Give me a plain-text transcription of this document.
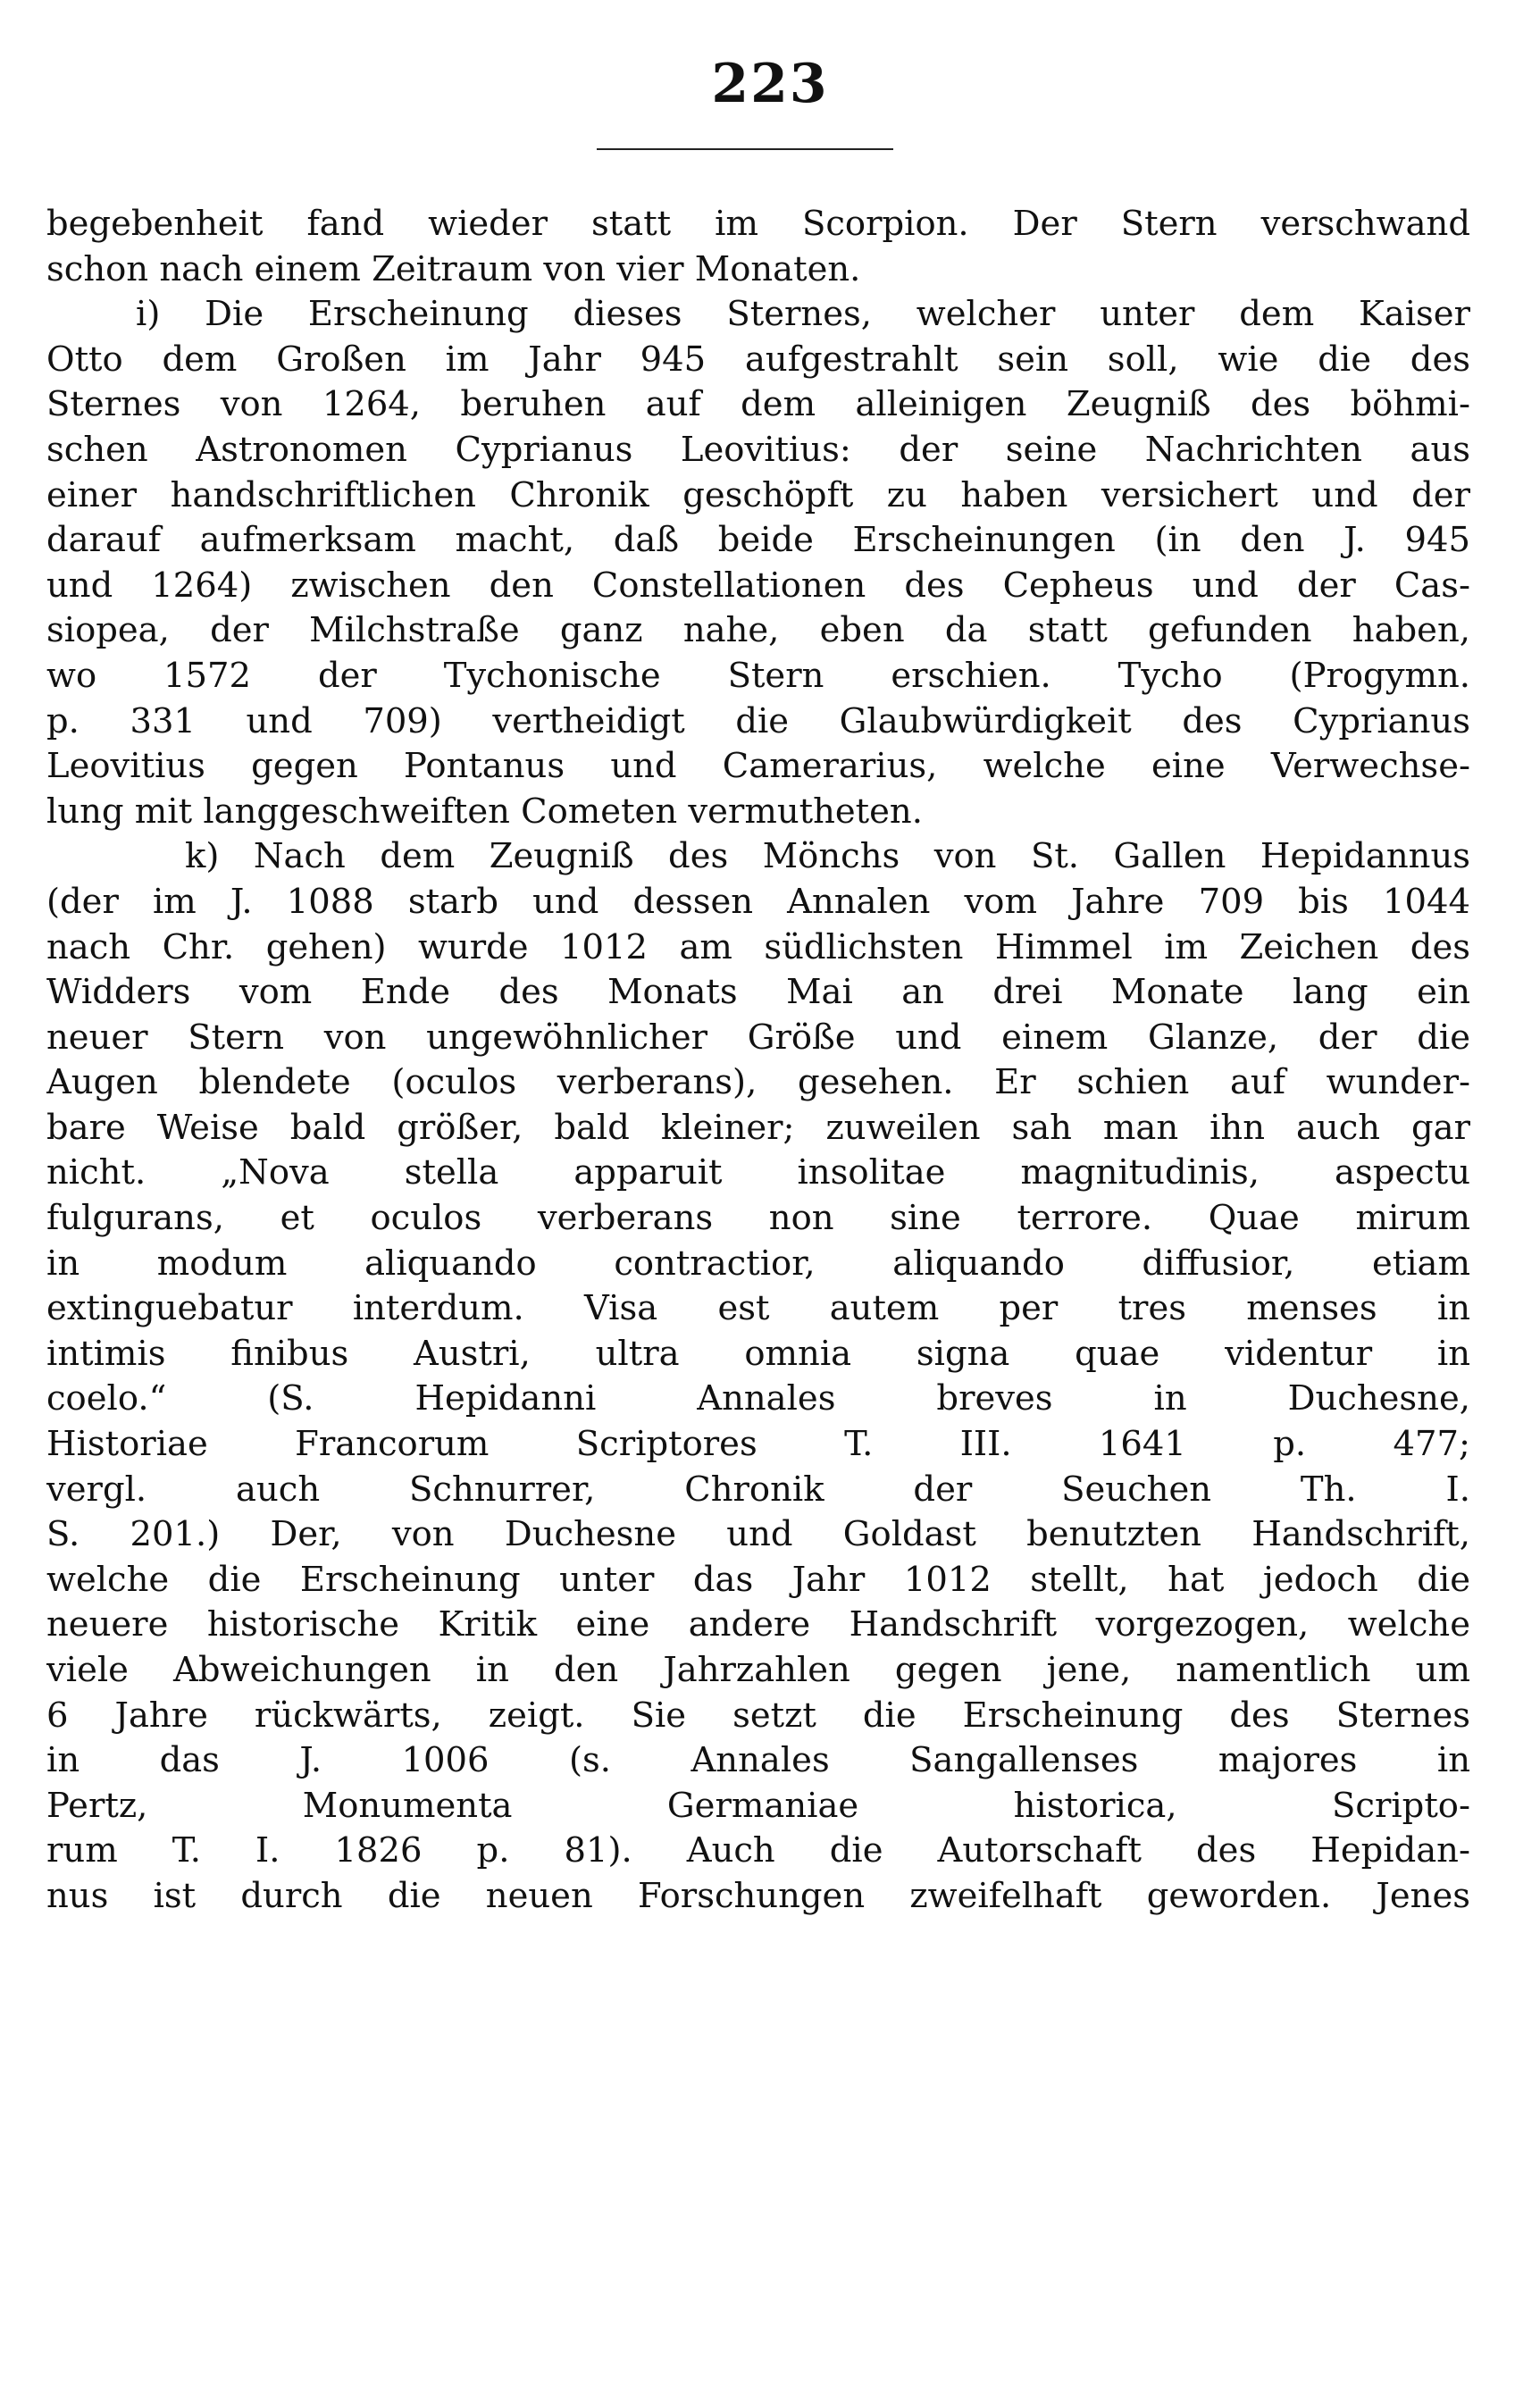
223
begebenheit fand wieder statt im Scorpion. Der Stern verschwand
schon nach einem Zeitraum von vier Monaten.
i) Die Erscheinung dieses Sternes, welcher unter dem Kaiser
Otto dem Großen im Jahr 945 aufgestrahlt sein soll, wie die des
Sternes von 1264, beruhen auf dem alleinigen Zeugniß des böhmi-
schen Astronomen Cyprianus Leovitius: der seine Nachrichten aus
einer handschriftlichen Chronik geschöpft zu haben versichert und der
darauf aufmerksam macht, daß beide Erscheinungen (in den J. 945
und 1264) zwischen den Constellationen des Cepheus und der Cas-
siopea, der Milchstraße ganz nahe, eben da statt gefunden haben,
wo 1572 der Tychonische Stern erschien. Tycho (Progymn.
p. 331 und 709) vertheidigt die Glaubwürdigkeit des Cyprianus
Leovitius gegen Pontanus und Camerarius, welche eine Verwechse-
lung mit langgeschweiften Cometen vermutheten.
k) Nach dem Zeugniß des Mönchs von St. Gallen Hepidannus
(der im J. 1088 starb und dessen Annalen vom Jahre 709 bis 1044
nach Chr. gehen) wurde 1012 am südlichsten Himmel im Zeichen des
Widders vom Ende des Monats Mai an drei Monate lang ein
neuer Stern von ungewöhnlicher Größe und einem Glanze, der die
Augen blendete (oculos verberans), gesehen. Er schien auf wunder-
bare Weise bald größer, bald kleiner; zuweilen sah man ihn auch gar
nicht. „Nova stella apparuit insolitae magnitudinis, aspectu
fulgurans, et oculos verberans non sine terrore. Quae mirum
in modum aliquando contractior, aliquando diffusior, etiam
extinguebatur interdum. Visa est autem per tres menses in
intimis finibus Austri, ultra omnia signa quae videntur in
coelo.“ (S. Hepidanni Annales breves in Duchesne,
Historiae Francorum Scriptores T. III. 1641 p. 477;
vergl. auch Schnurrer, Chronik der Seuchen Th. I.
S. 201.) Der, von Duchesne und Goldast benutzten Handschrift,
welche die Erscheinung unter das Jahr 1012 stellt, hat jedoch die
neuere historische Kritik eine andere Handschrift vorgezogen, welche
viele Abweichungen in den Jahrzahlen gegen jene, namentlich um
6 Jahre rückwärts, zeigt. Sie setzt die Erscheinung des Sternes
in das J. 1006 (s. Annales Sangallenses majores in
Pertz, Monumenta Germaniae historica, Scripto-
rum T. I. 1826 p. 81). Auch die Autorschaft des Hepidan-
nus ist durch die neuen Forschungen zweifelhaft geworden. Jenes
